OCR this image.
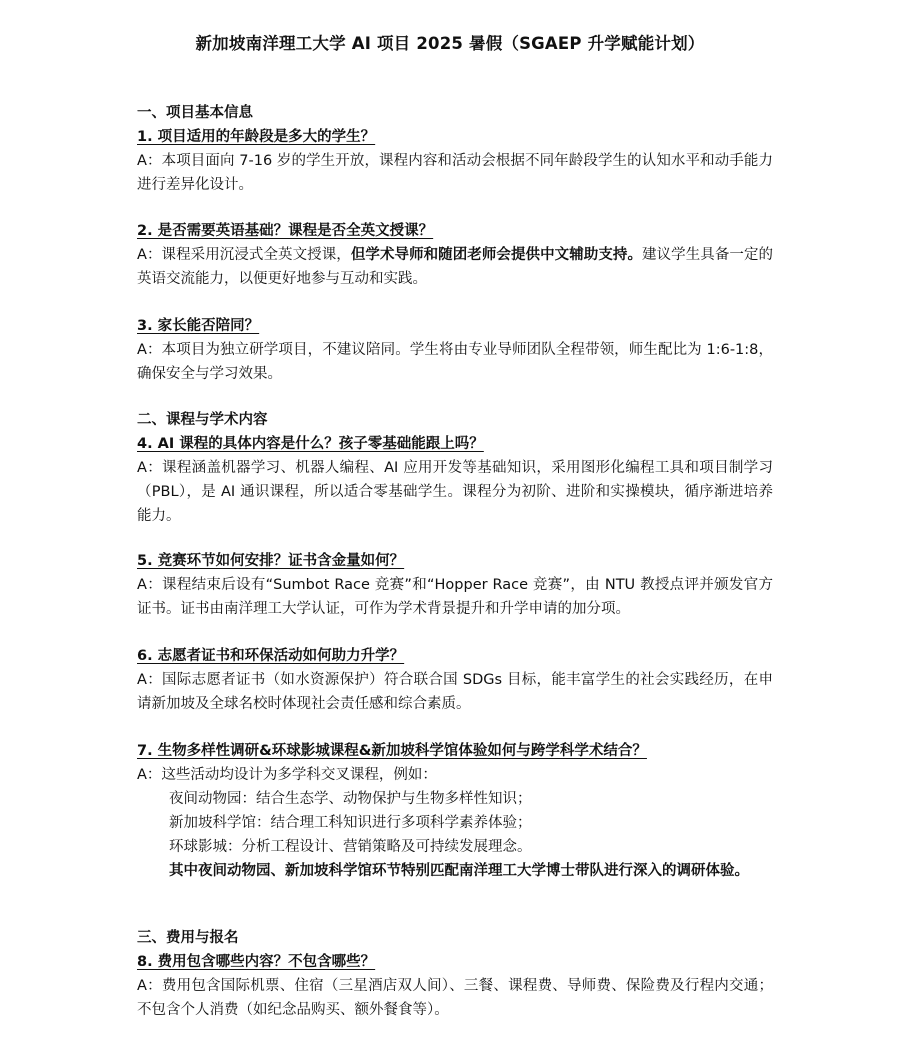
新加坡南洋理工大学 AI 项目 2025 暑假（SGAEP 升学赋能计划）
一、项目基本信息
1. 项目适用的年龄段是多大的学生？
A：本项目面向 7-16 岁的学生开放，课程内容和活动会根据不同年龄段学生的认知水平和动手能力进行差异化设计。
2. 是否需要英语基础？课程是否全英文授课？
A：课程采用沉浸式全英文授课，但学术导师和随团老师会提供中文辅助支持。建议学生具备一定的英语交流能力，以便更好地参与互动和实践。
3. 家长能否陪同？
A：本项目为独立研学项目，不建议陪同。学生将由专业导师团队全程带领，师生配比为 1:6-1:8，确保安全与学习效果。
二、课程与学术内容
4. AI 课程的具体内容是什么？孩子零基础能跟上吗？
A：课程涵盖机器学习、机器人编程、AI 应用开发等基础知识，采用图形化编程工具和项目制学习（PBL），是 AI 通识课程，所以适合零基础学生。课程分为初阶、进阶和实操模块，循序渐进培养能力。
5. 竞赛环节如何安排？证书含金量如何？
A：课程结束后设有“Sumbot Race 竞赛”和“Hopper Race 竞赛”，由 NTU 教授点评并颁发官方证书。证书由南洋理工大学认证，可作为学术背景提升和升学申请的加分项。
6. 志愿者证书和环保活动如何助力升学？
A：国际志愿者证书（如水资源保护）符合联合国 SDGs 目标，能丰富学生的社会实践经历，在申请新加坡及全球名校时体现社会责任感和综合素质。
7. 生物多样性调研&环球影城课程&新加坡科学馆体验如何与跨学科学术结合？
A：这些活动均设计为多学科交叉课程，例如：
夜间动物园：结合生态学、动物保护与生物多样性知识；
新加坡科学馆：结合理工科知识进行多项科学素养体验；
环球影城：分析工程设计、营销策略及可持续发展理念。
其中夜间动物园、新加坡科学馆环节特别匹配南洋理工大学博士带队进行深入的调研体验。
三、费用与报名
8. 费用包含哪些内容？不包含哪些？
A：费用包含国际机票、住宿（三星酒店双人间）、三餐、课程费、导师费、保险费及行程内交通；不包含个人消费（如纪念品购买、额外餐食等）。
